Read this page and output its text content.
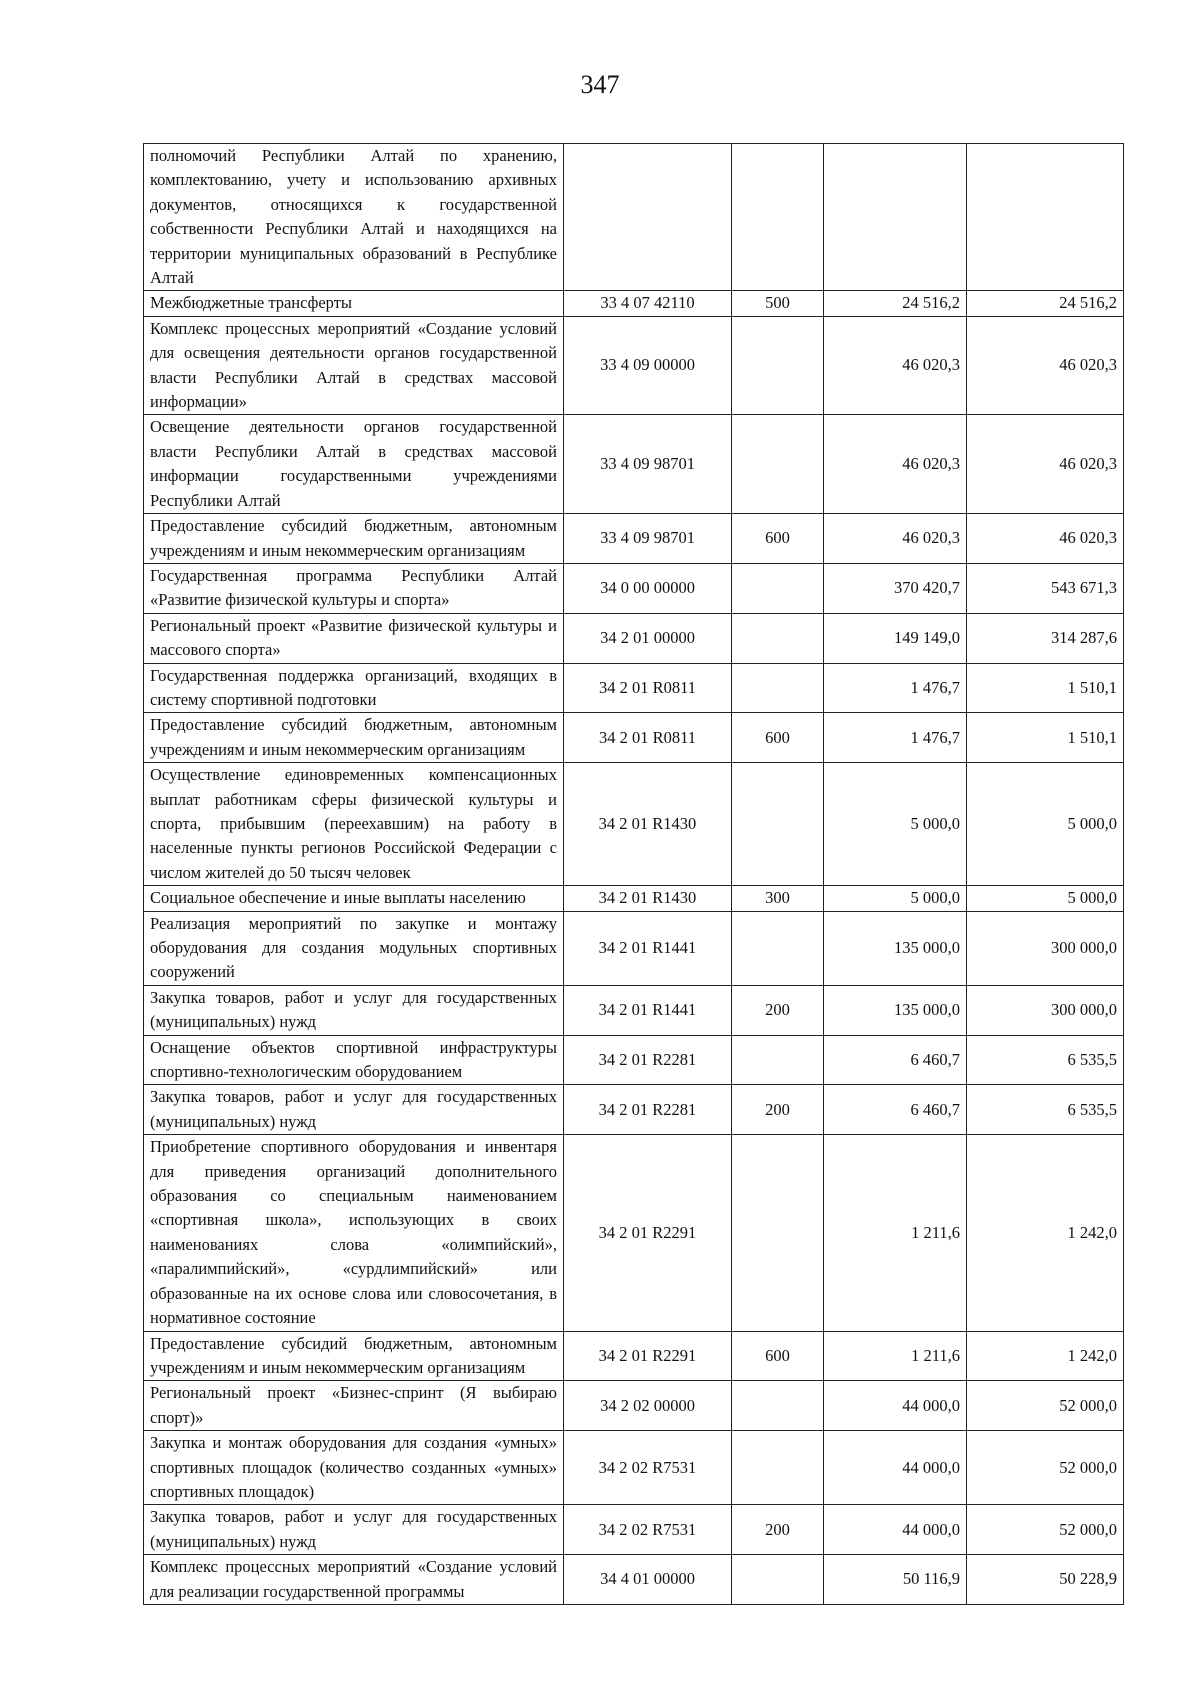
347
полномочий Республики Алтай по хранению, комплектованию, учету и использованию архивных документов, относящихся к государственной собственности Республики Алтай и находящихся на территории муниципальных образований в Республике Алтай				
Межбюджетные трансферты	33 4 07 42110	500	24 516,2	24 516,2
Комплекс процессных мероприятий «Создание условий для освещения деятельности органов государственной власти Республики Алтай в средствах массовой информации»	33 4 09 00000		46 020,3	46 020,3
Освещение деятельности органов государственной власти Республики Алтай в средствах массовой информации государственными учреждениями Республики Алтай	33 4 09 98701		46 020,3	46 020,3
Предоставление субсидий бюджетным, автономным учреждениям и иным некоммерческим организациям	33 4 09 98701	600	46 020,3	46 020,3
Государственная программа Республики Алтай «Развитие физической культуры и спорта»	34 0 00 00000		370 420,7	543 671,3
Региональный проект «Развитие физической культуры и массового спорта»	34 2 01 00000		149 149,0	314 287,6
Государственная поддержка организаций, входящих в систему спортивной подготовки	34 2 01 R0811		1 476,7	1 510,1
Предоставление субсидий бюджетным, автономным учреждениям и иным некоммерческим организациям	34 2 01 R0811	600	1 476,7	1 510,1
Осуществление единовременных компенсационных выплат работникам сферы физической культуры и спорта, прибывшим (переехавшим) на работу в населенные пункты регионов Российской Федерации с числом жителей до 50 тысяч человек	34 2 01 R1430		5 000,0	5 000,0
Социальное обеспечение и иные выплаты населению	34 2 01 R1430	300	5 000,0	5 000,0
Реализация мероприятий по закупке и монтажу оборудования для создания модульных спортивных сооружений	34 2 01 R1441		135 000,0	300 000,0
Закупка товаров, работ и услуг для государственных (муниципальных) нужд	34 2 01 R1441	200	135 000,0	300 000,0
Оснащение объектов спортивной инфраструктуры спортивно-технологическим оборудованием	34 2 01 R2281		6 460,7	6 535,5
Закупка товаров, работ и услуг для государственных (муниципальных) нужд	34 2 01 R2281	200	6 460,7	6 535,5
Приобретение спортивного оборудования и инвентаря для приведения организаций дополнительного образования со специальным наименованием «спортивная школа», использующих в своих наименованиях слова «олимпийский», «паралимпийский», «сурдлимпийский» или образованные на их основе слова или словосочетания, в нормативное состояние	34 2 01 R2291		1 211,6	1 242,0
Предоставление субсидий бюджетным, автономным учреждениям и иным некоммерческим организациям	34 2 01 R2291	600	1 211,6	1 242,0
Региональный проект «Бизнес-спринт (Я выбираю спорт)»	34 2 02 00000		44 000,0	52 000,0
Закупка и монтаж оборудования для создания «умных» спортивных площадок (количество созданных «умных» спортивных площадок)	34 2 02 R7531		44 000,0	52 000,0
Закупка товаров, работ и услуг для государственных (муниципальных) нужд	34 2 02 R7531	200	44 000,0	52 000,0
Комплекс процессных мероприятий «Создание условий для реализации государственной программы	34 4 01 00000		50 116,9	50 228,9
